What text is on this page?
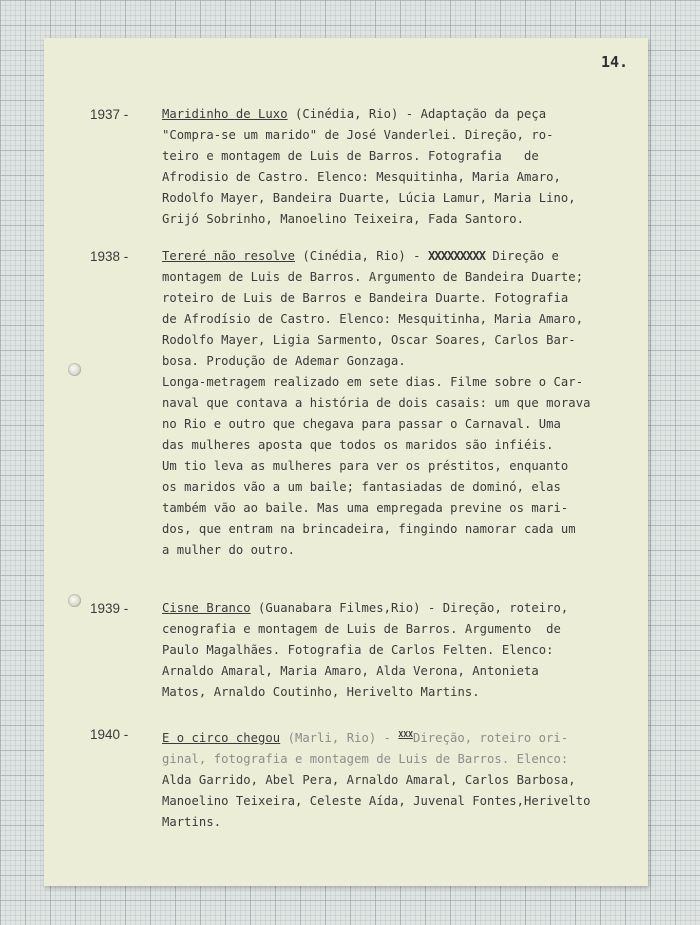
14.
1937 -	Maridinho de Luxo (Cinédia, Rio) - Adaptação da peça
"Compra-se um marido" de José Vanderlei. Direção, ro-
teiro e montagem de Luis de Barros. Fotografia   de
Afrodisio de Castro. Elenco: Mesquitinha, Maria Amaro,
Rodolfo Mayer, Bandeira Duarte, Lúcia Lamur, Maria Lino,
Grijó Sobrinho, Manoelino Teixeira, Fada Santoro.
1938 -	Tereré não resolve (Cinédia, Rio) - XXXXXXXXX Direção e
montagem de Luis de Barros. Argumento de Bandeira Duarte;
roteiro de Luis de Barros e Bandeira Duarte. Fotografia
de Afrodísio de Castro. Elenco: Mesquitinha, Maria Amaro,
Rodolfo Mayer, Ligia Sarmento, Oscar Soares, Carlos Bar-
bosa. Produção de Ademar Gonzaga.
Longa-metragem realizado em sete dias. Filme sobre o Car-
naval que contava a história de dois casais: um que morava
no Rio e outro que chegava para passar o Carnaval. Uma
das mulheres aposta que todos os maridos são infiéis.
Um tio leva as mulheres para ver os préstitos, enquanto
os maridos vão a um baile; fantasiadas de dominó, elas
também vão ao baile. Mas uma empregada previne os mari-
dos, que entram na brincadeira, fingindo namorar cada um
a mulher do outro.
1939 -	Cisne Branco (Guanabara Filmes,Rio) - Direção, roteiro,
cenografia e montagem de Luis de Barros. Argumento  de
Paulo Magalhães. Fotografia de Carlos Felten. Elenco:
Arnaldo Amaral, Maria Amaro, Alda Verona, Antonieta
Matos, Arnaldo Coutinho, Herivelto Martins.
1940 -	E o circo chegou (Marli, Rio) - $^{XXX}$Direção, roteiro ori-
ginal, fotografia e montagem de Luis de Barros. Elenco:
Alda Garrido, Abel Pera, Arnaldo Amaral, Carlos Barbosa,
Manoelino Teixeira, Celeste Aída, Juvenal Fontes,Herivelto
Martins.
